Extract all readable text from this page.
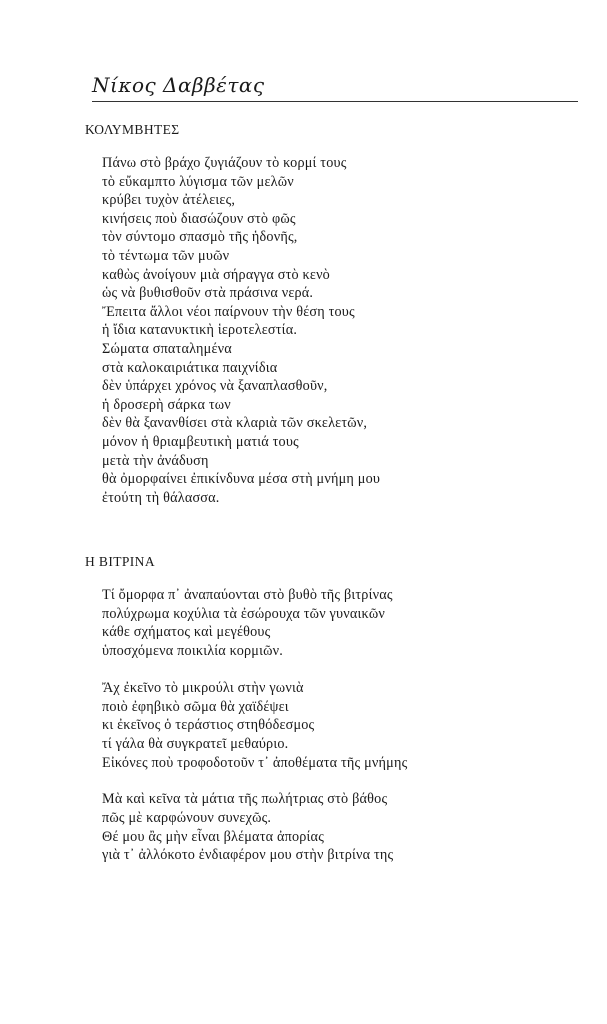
Νίκος Δαββέτας
ΚΟΛΥΜΒΗΤΕΣ
Πάνω στὸ βράχο ζυγιάζουν τὸ κορμί τους
τὸ εὔκαμπτο λύγισμα τῶν μελῶν
κρύβει τυχὸν ἀτέλειες,
κινήσεις ποὺ διασώζουν στὸ φῶς
τὸν σύντομο σπασμὸ τῆς ἡδονῆς,
τὸ τέντωμα τῶν μυῶν
καθὼς ἀνοίγουν μιὰ σήραγγα στὸ κενὸ
ὡς νὰ βυθισθοῦν στὰ πράσινα νερά.
Ἔπειτα ἄλλοι νέοι παίρνουν τὴν θέση τους
ἡ ἴδια κατανυκτικὴ ἱεροτελεστία.
Σώματα σπαταλημένα
στὰ καλοκαιριάτικα παιχνίδια
δὲν ὑπάρχει χρόνος νὰ ξαναπλασθοῦν,
ἡ δροσερὴ σάρκα των
δὲν θὰ ξανανθίσει στὰ κλαριὰ τῶν σκελετῶν,
μόνον ἡ θριαμβευτικὴ ματιά τους
μετὰ τὴν ἀνάδυση
θὰ ὀμορφαίνει ἐπικίνδυνα μέσα στὴ μνήμη μου
ἐτούτη τὴ θάλασσα.
Η ΒΙΤΡΙΝΑ
Τί ὄμορφα π᾽ ἀναπαύονται στὸ βυθὸ τῆς βιτρίνας
πολύχρωμα κοχύλια τὰ ἐσώρουχα τῶν γυναικῶν
κάθε σχήματος καὶ μεγέθους
ὑποσχόμενα ποικιλία κορμιῶν.
Ἄχ ἐκεῖνο τὸ μικρούλι στὴν γωνιὰ
ποιὸ ἐφηβικὸ σῶμα θὰ χαϊδέψει
κι ἐκεῖνος ὁ τεράστιος στηθόδεσμος
τί γάλα θὰ συγκρατεῖ μεθαύριο.
Εἰκόνες ποὺ τροφοδοτοῦν τ᾽ ἀποθέματα τῆς μνήμης
Μὰ καὶ κεῖνα τὰ μάτια τῆς πωλήτριας στὸ βάθος
πῶς μὲ καρφώνουν συνεχῶς.
Θέ μου ἂς μὴν εἶναι βλέματα ἀπορίας
γιὰ τ᾽ ἀλλόκοτο ἐνδιαφέρον μου στὴν βιτρίνα της
